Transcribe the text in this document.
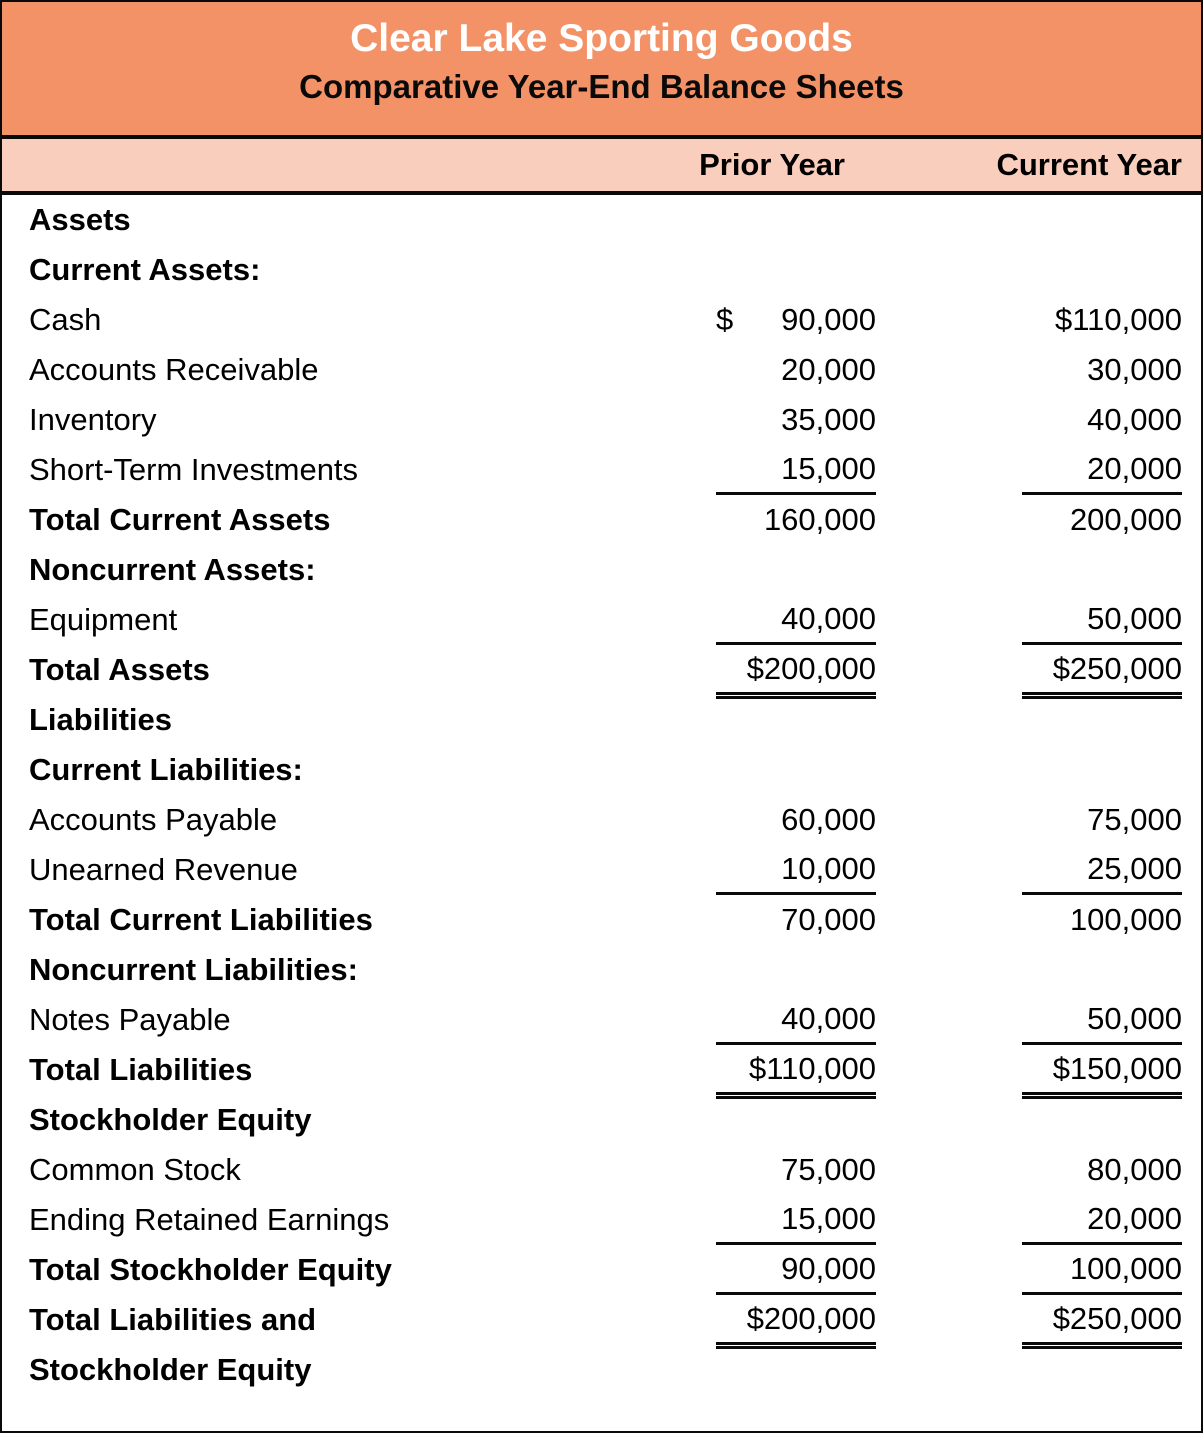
Clear Lake Sporting Goods
Comparative Year-End Balance Sheets
Prior Year	Current Year
Assets
Current Assets:
Cash	$ 90,000	$110,000
Accounts Receivable	20,000	30,000
Inventory	35,000	40,000
Short-Term Investments	15,000	20,000
Total Current Assets	160,000	200,000
Noncurrent Assets:
Equipment	40,000	50,000
Total Assets	$200,000	$250,000
Liabilities
Current Liabilities:
Accounts Payable	60,000	75,000
Unearned Revenue	10,000	25,000
Total Current Liabilities	70,000	100,000
Noncurrent Liabilities:
Notes Payable	40,000	50,000
Total Liabilities	$110,000	$150,000
Stockholder Equity
Common Stock	75,000	80,000
Ending Retained Earnings	15,000	20,000
Total Stockholder Equity	90,000	100,000
Total Liabilities and	$200,000	$250,000
Stockholder Equity
